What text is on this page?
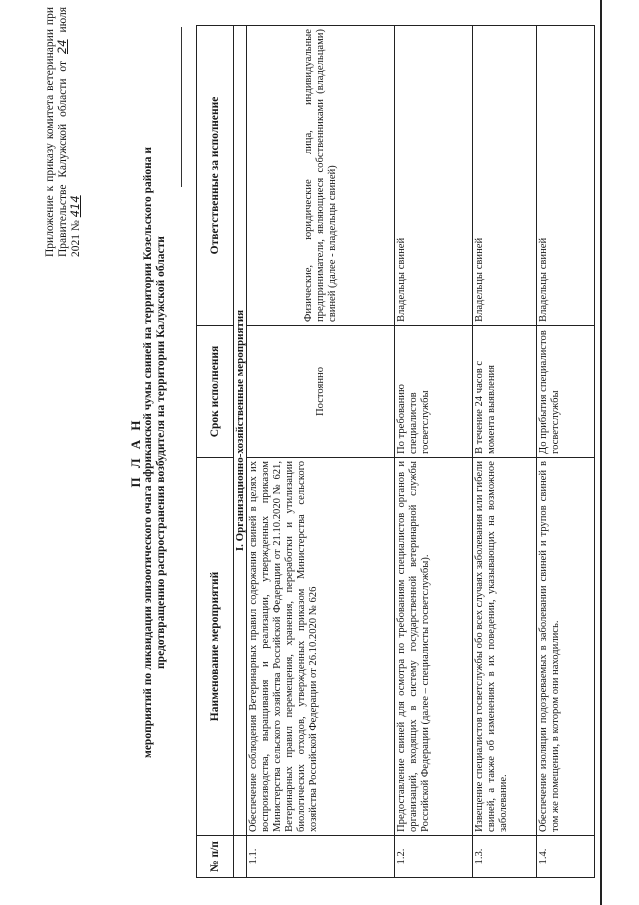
Приложение к приказу комитета ветеринарии при Правительстве Калужской области от 24 июля 2021 № 414
П Л А Н мероприятий по ликвидации эпизоотического очага африканской чумы свиней на территории Козельского района и предотвращению распространения возбудителя на территории Калужской области
№ п/п	Наименование мероприятий	Срок исполнения	Ответственные за исполнение
	I. Организационно-хозяйственные мероприятия		
1.1.	Обеспечение соблюдения Ветеринарных правил содержания свиней в целях их воспроизводства, выращивания и реализации, утвержденных приказом Министерства сельского хозяйства Российской Федерации от 21.10.2020 № 621, Ветеринарных правил перемещения, хранения, переработки и утилизации биологических отходов, утвержденных приказом Министерства сельского хозяйства Российской Федерации от 26.10.2020 № 626	Постоянно	Физические, юридические лица, индивидуальные предприниматели, являющиеся собственниками (владельцами) свиней (далее - владельцы свиней)
1.2.	Предоставление свиней для осмотра по требованиям специалистов органов и организаций, входящих в систему государственной ветеринарной службы Российской Федерации (далее – специалисты госветслужбы).	По требованию специалистов госветслужбы	Владельцы свиней
1.3.	Извещение специалистов госветслужбы обо всех случаях заболевания или гибели свиней, а также об изменениях в их поведении, указывающих на возможное заболевание.	В течение 24 часов с момента выявления	Владельцы свиней
1.4.	Обеспечение изоляции подозреваемых в заболевании свиней и трупов свиней в том же помещении, в котором они находились.	До прибытия специалистов госветслужбы	Владельцы свиней
